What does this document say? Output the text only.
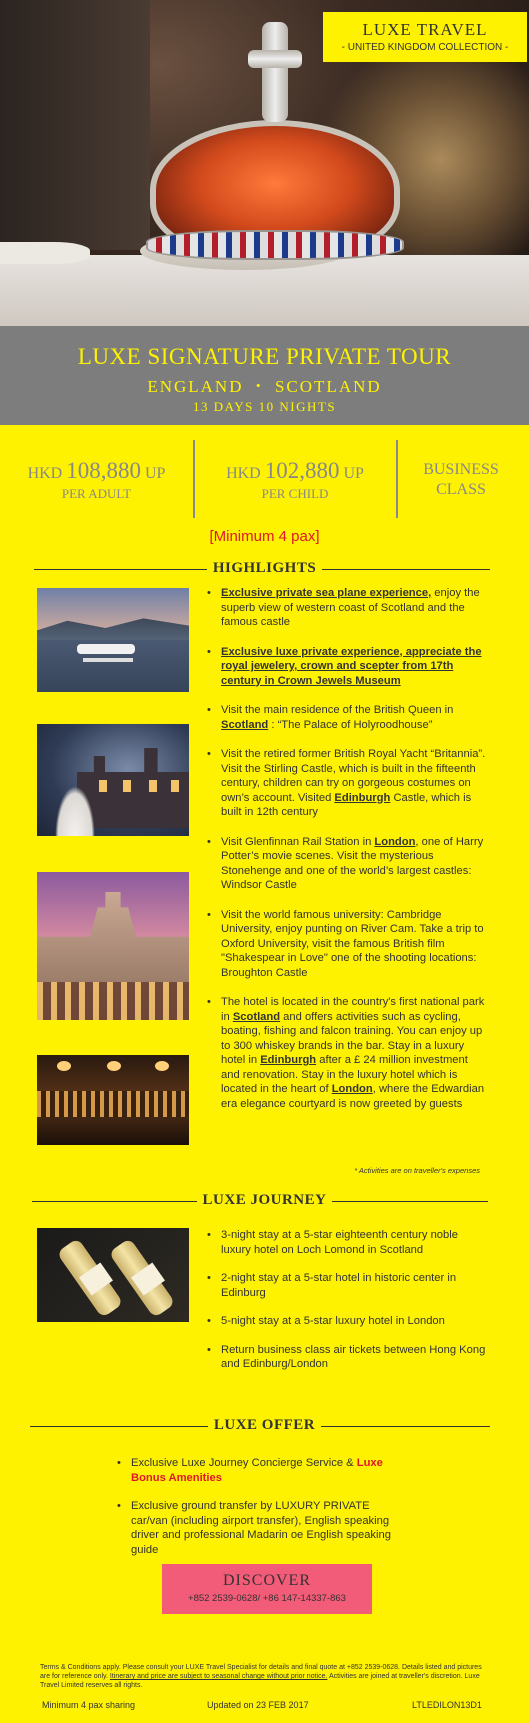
LUXE TRAVEL
- UNITED KINGDOM COLLECTION -
LUXE SIGNATURE PRIVATE TOUR
ENGLAND ・ SCOTLAND
13 DAYS 10 NIGHTS
HKD 108,880 UP
PER ADULT
HKD 102,880 UP
PER CHILD
BUSINESS
CLASS
[Minimum 4 pax]
HIGHLIGHTS
• Exclusive private sea plane experience, enjoy the superb view of western coast of Scotland and the famous castle
• Exclusive luxe private experience, appreciate the royal jewelery, crown and scepter from 17th century in Crown Jewels Museum
• Visit the main residence of the British Queen in Scotland : “The Palace of Holyroodhouse”
• Visit the retired former British Royal Yacht “Britannia”. Visit the Stirling Castle, which is built in the fifteenth century, children can try on gorgeous costumes on own’s account. Visited Edinburgh Castle, which is built in 12th century
• Visit Glenfinnan Rail Station in London, one of Harry Potter’s movie scenes. Visit the mysterious Stonehenge and one of the world’s largest castles: Windsor Castle
• Visit the world famous university: Cambridge University, enjoy punting on River Cam. Take a trip to Oxford University, visit the famous British film "Shakespear in Love" one of the shooting locations: Broughton Castle
• The hotel is located in the country's first national park in Scotland and offers activities such as cycling, boating, fishing and falcon training. You can enjoy up to 300 whiskey brands in the bar. Stay in a luxury hotel in Edinburgh after a £ 24 million investment and renovation. Stay in the luxury hotel which is located in the heart of London, where the Edwardian era elegance courtyard is now greeted by guests
* Activities are on traveller's expenses
LUXE JOURNEY
• 3-night stay at a 5-star eighteenth century noble luxury hotel on Loch Lomond in Scotland
• 2-night stay at a 5-star hotel in historic center in Edinburg
• 5-night stay at a 5-star luxury hotel in London
• Return business class air tickets between Hong Kong and Edinburg/London
LUXE OFFER
• Exclusive Luxe Journey Concierge Service & Luxe Bonus Amenities
• Exclusive ground transfer by LUXURY PRIVATE car/van (including airport transfer), English speaking driver and professional Madarin oe English speaking guide
DISCOVER
+852 2539-0628/ +86 147-14337-863
Terms & Conditions apply. Please consult your LUXE Travel Specialist for details and final quote at +852 2539-0628. Details listed and pictures are for reference only. Itinerary and price are subject to seasonal change without prior notice. Activities are joined at traveller's discretion. Luxe Travel Limited reserves all rights.
Minimum 4 pax sharing	Updated on 23 FEB 2017	LTLEDILON13D1
